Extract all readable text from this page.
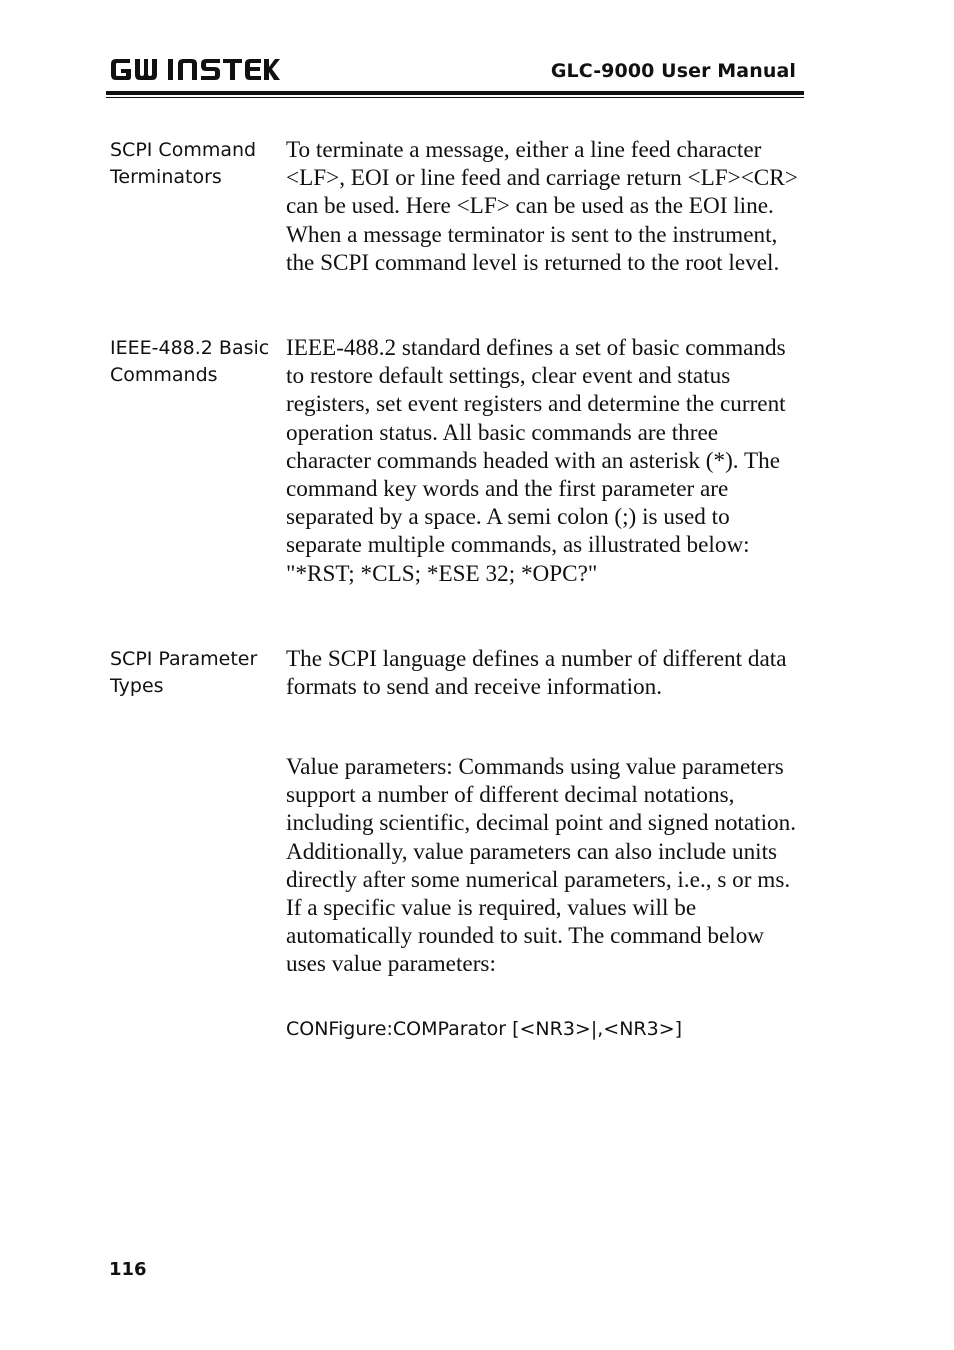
GLC-9000 User Manual
SCPI Command
Terminators
To terminate a message, either a line feed character <LF>, EOI or line feed and carriage return <LF><CR> can be used. Here <LF> can be used as the EOI line. When a message terminator is sent to the instrument, the SCPI command level is returned to the root level.
IEEE-488.2 Basic
Commands
IEEE-488.2 standard defines a set of basic commands to restore default settings, clear event and status registers, set event registers and determine the current operation status. All basic commands are three character commands headed with an asterisk (*). The command key words and the first parameter are separated by a space. A semi colon (;) is used to separate multiple commands, as illustrated below: "*RST; *CLS; *ESE 32; *OPC?"
SCPI Parameter
Types
The SCPI language defines a number of different data formats to send and receive information.
Value parameters: Commands using value parameters support a number of different decimal notations, including scientific, decimal point and signed notation. Additionally, value parameters can also include units directly after some numerical parameters, i.e., s or ms. If a specific value is required, values will be automatically rounded to suit. The command below uses value parameters:
CONFigure:COMParator [<NR3>|,<NR3>]
116
